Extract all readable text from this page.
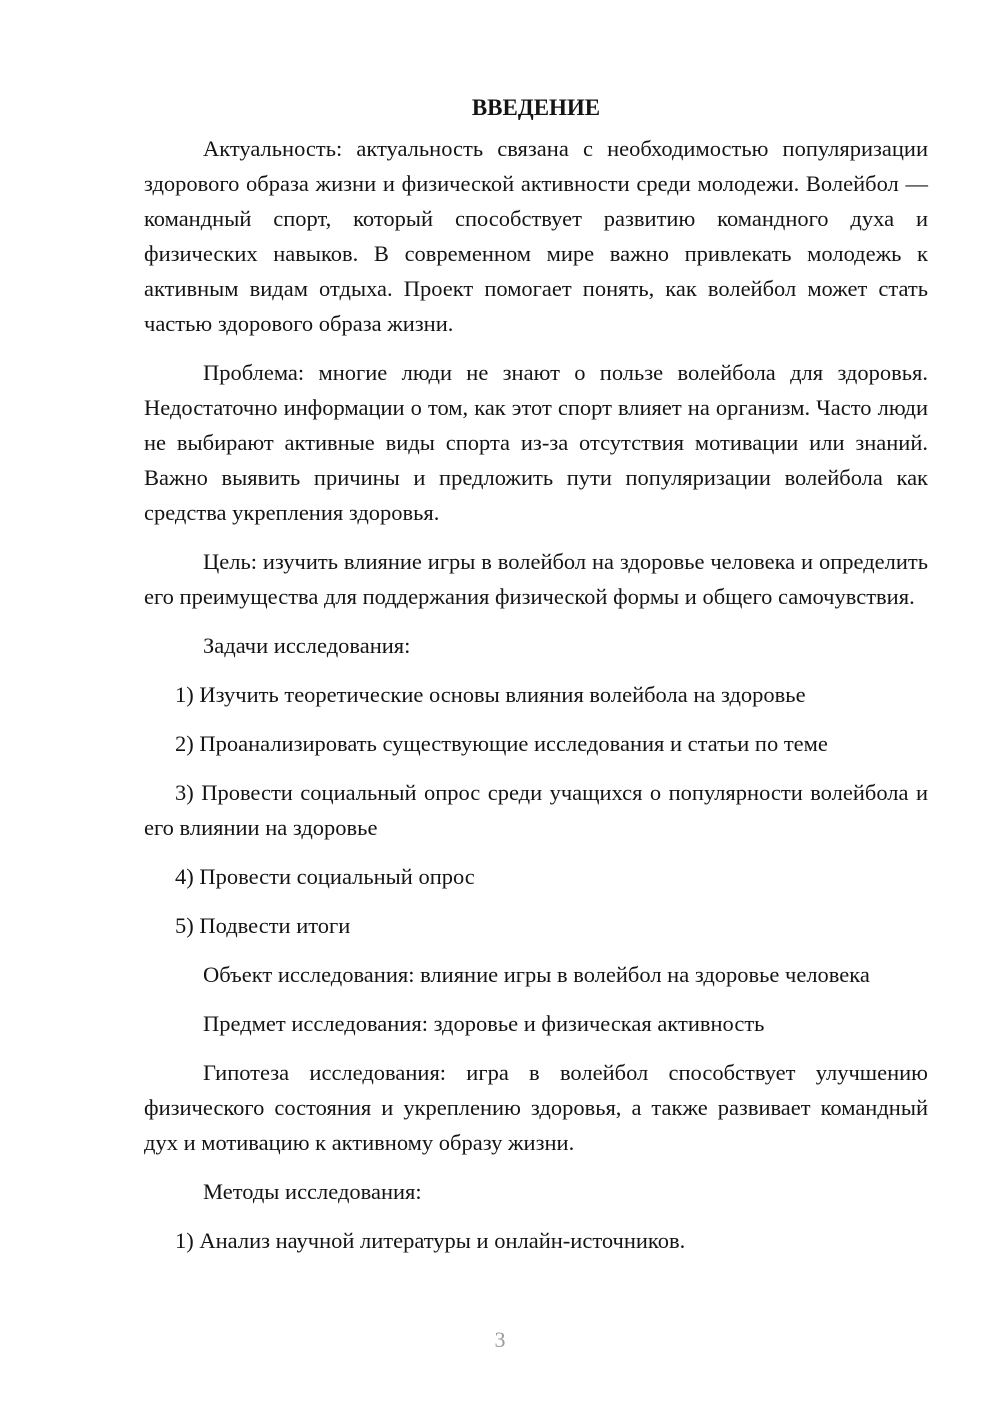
ВВЕДЕНИЕ

Актуальность: актуальность связана с необходимостью популяризации здорового образа жизни и физической активности среди молодежи. Волейбол — командный спорт, который способствует развитию командного духа и физических навыков. В современном мире важно привлекать молодежь к активным видам отдыха. Проект помогает понять, как волейбол может стать частью здорового образа жизни.

Проблема: многие люди не знают о пользе волейбола для здоровья. Недостаточно информации о том, как этот спорт влияет на организм. Часто люди не выбирают активные виды спорта из-за отсутствия мотивации или знаний. Важно выявить причины и предложить пути популяризации волейбола как средства укрепления здоровья.

Цель: изучить влияние игры в волейбол на здоровье человека и определить его преимущества для поддержания физической формы и общего самочувствия.

Задачи исследования:

1) Изучить теоретические основы влияния волейбола на здоровье

2) Проанализировать существующие исследования и статьи по теме

3) Провести социальный опрос среди учащихся о популярности волейбола и его влиянии на здоровье

4) Провести социальный опрос

5) Подвести итоги

Объект исследования: влияние игры в волейбол на здоровье человека

Предмет исследования: здоровье и физическая активность

Гипотеза исследования: игра в волейбол способствует улучшению физического состояния и укреплению здоровья, а также развивает командный дух и мотивацию к активному образу жизни.

Методы исследования:

1) Анализ научной литературы и онлайн-источников.

3
